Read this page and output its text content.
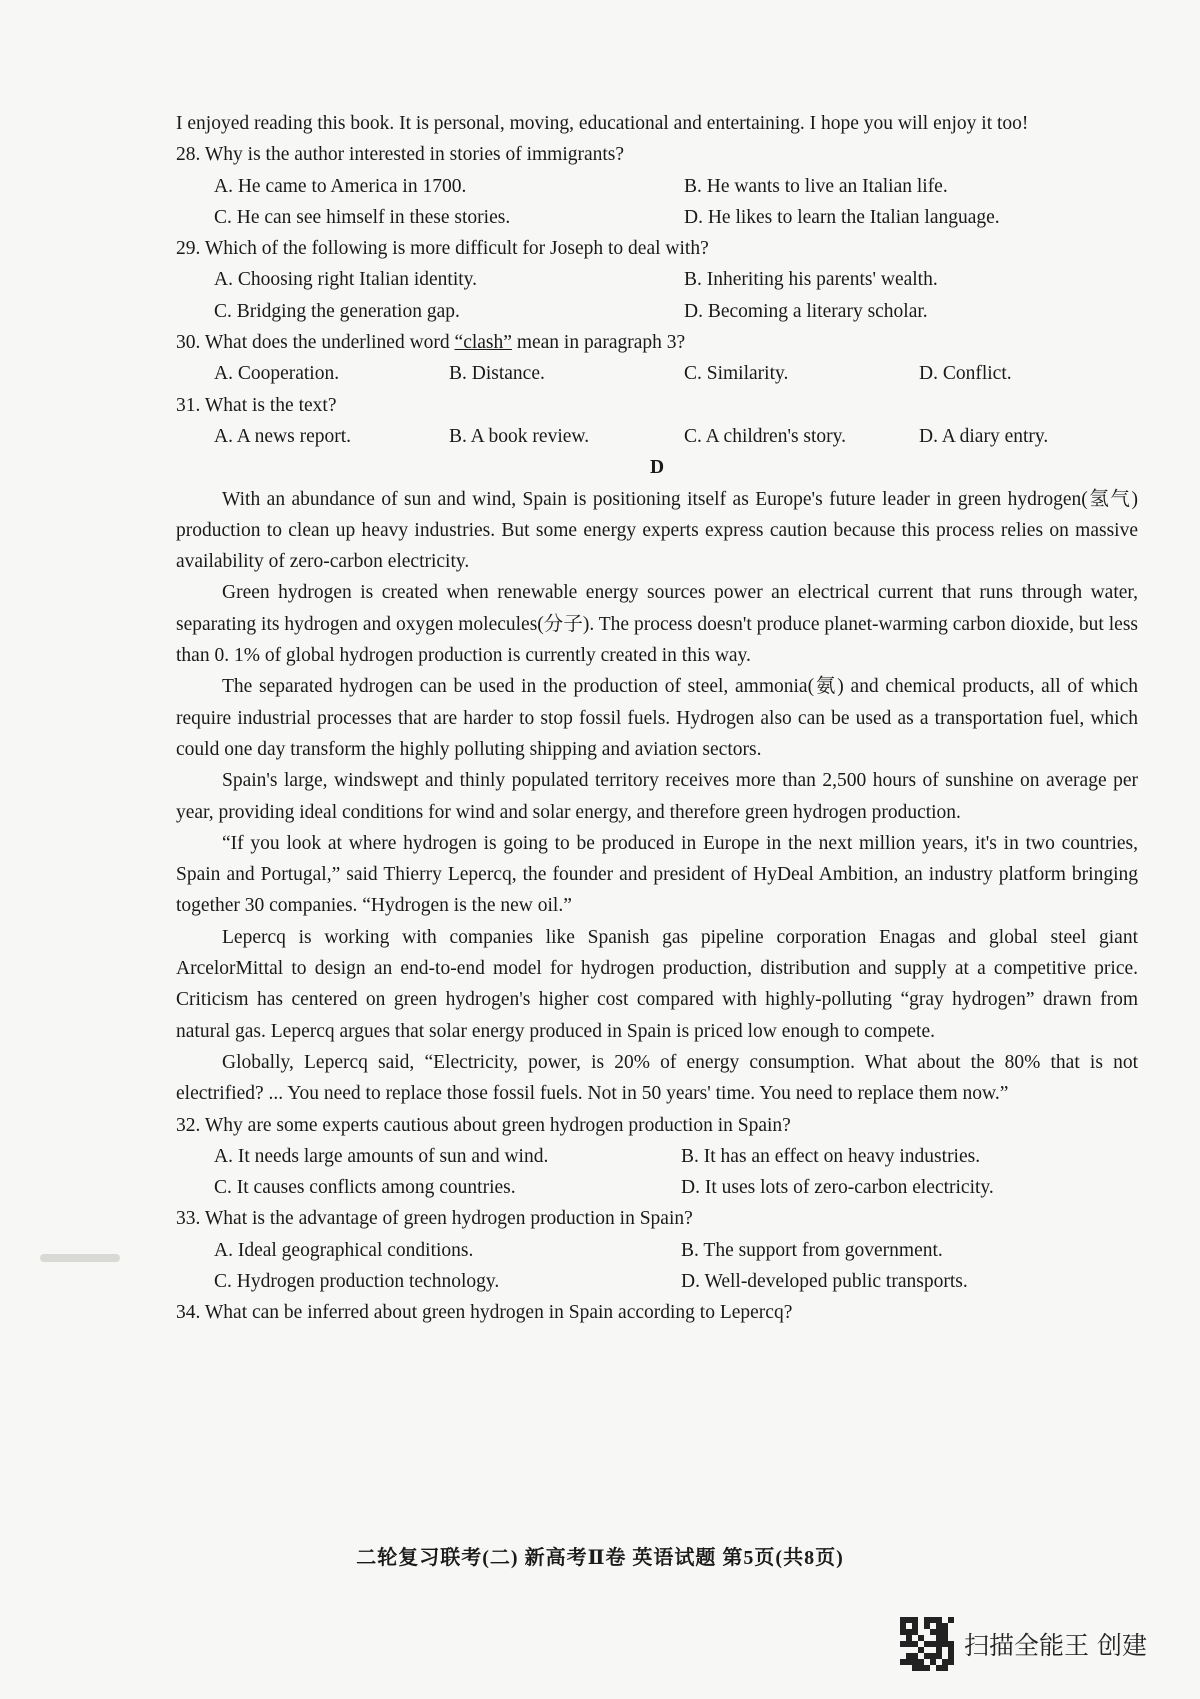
I enjoyed reading this book. It is personal, moving, educational and entertaining. I hope you will enjoy it too!

28. Why is the author interested in stories of immigrants?

A. He came to America in 1700.	B. He wants to live an Italian life.
C. He can see himself in these stories.	D. He likes to learn the Italian language.

29. Which of the following is more difficult for Joseph to deal with?

A. Choosing right Italian identity.	B. Inheriting his parents' wealth.
C. Bridging the generation gap.	D. Becoming a literary scholar.

30. What does the underlined word “clash” mean in paragraph 3?

A. Cooperation.	B. Distance.	C. Similarity.	D. Conflict.

31. What is the text?

A. A news report.	B. A book review.	C. A children's story.	D. A diary entry.

D

With an abundance of sun and wind, Spain is positioning itself as Europe's future leader in green hydrogen(氢气) production to clean up heavy industries. But some energy experts express caution because this process relies on massive availability of zero-carbon electricity.

Green hydrogen is created when renewable energy sources power an electrical current that runs through water, separating its hydrogen and oxygen molecules(分子). The process doesn't produce planet-warming carbon dioxide, but less than 0. 1% of global hydrogen production is currently created in this way.

The separated hydrogen can be used in the production of steel, ammonia(氨) and chemical products, all of which require industrial processes that are harder to stop fossil fuels. Hydrogen also can be used as a transportation fuel, which could one day transform the highly polluting shipping and aviation sectors.

Spain's large, windswept and thinly populated territory receives more than 2,500 hours of sunshine on average per year, providing ideal conditions for wind and solar energy, and therefore green hydrogen production.

“If you look at where hydrogen is going to be produced in Europe in the next million years, it's in two countries, Spain and Portugal,” said Thierry Lepercq, the founder and president of HyDeal Ambition, an industry platform bringing together 30 companies. “Hydrogen is the new oil.”

Lepercq is working with companies like Spanish gas pipeline corporation Enagas and global steel giant ArcelorMittal to design an end-to-end model for hydrogen production, distribution and supply at a competitive price. Criticism has centered on green hydrogen's higher cost compared with highly-polluting “gray hydrogen” drawn from natural gas. Lepercq argues that solar energy produced in Spain is priced low enough to compete.

Globally, Lepercq said, “Electricity, power, is 20% of energy consumption. What about the 80% that is not electrified? ... You need to replace those fossil fuels. Not in 50 years' time. You need to replace them now.”

32. Why are some experts cautious about green hydrogen production in Spain?

A. It needs large amounts of sun and wind.	B. It has an effect on heavy industries.
C. It causes conflicts among countries.	D. It uses lots of zero-carbon electricity.

33. What is the advantage of green hydrogen production in Spain?

A. Ideal geographical conditions.	B. The support from government.
C. Hydrogen production technology.	D. Well-developed public transports.

34. What can be inferred about green hydrogen in Spain according to Lepercq?

二轮复习联考(二) 新高考Ⅱ卷 英语试题 第5页(共8页)
扫描全能王 创建
